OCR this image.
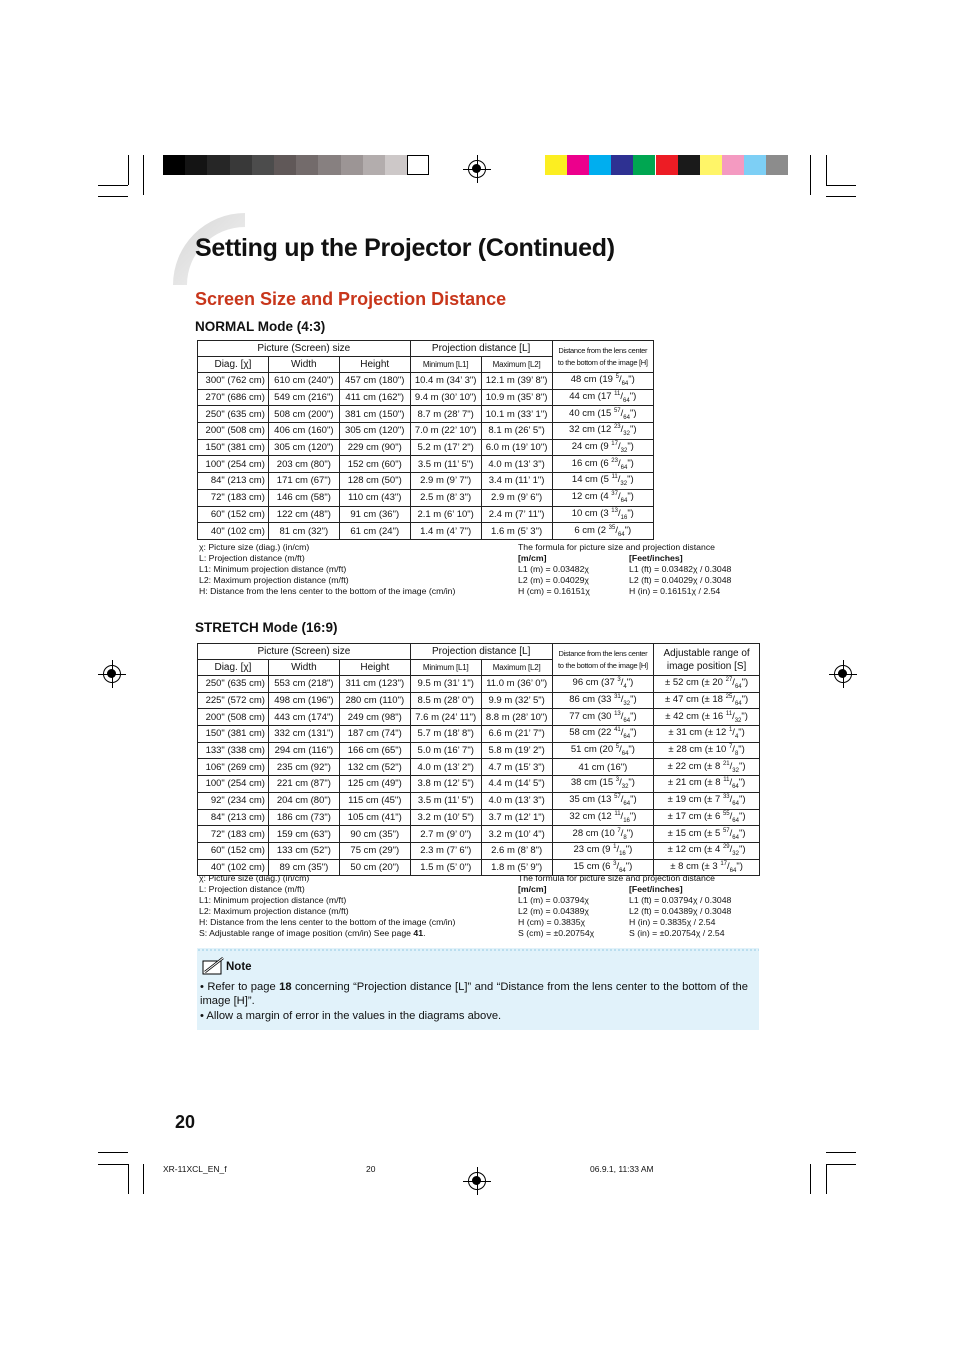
Setting up the Projector (Continued)
Screen Size and Projection Distance
NORMAL Mode (4:3)
Picture (Screen) size			Projection distance [L]		Distance from the lens center to the bottom of the image [H]
Diag. [χ]	Width	Height	Minimum [L1]	Maximum [L2]	
300" (762 cm)	610 cm (240")	457 cm (180")	10.4 m (34’ 3")	12.1 m (39’ 8")	48 cm (19 $^5/_{64}$")
270" (686 cm)	549 cm (216")	411 cm (162")	9.4 m (30’ 10")	10.9 m (35’ 8")	44 cm (17 $^{11}/_{64}$")
250" (635 cm)	508 cm (200")	381 cm (150")	8.7 m (28’ 7")	10.1 m (33’ 1")	40 cm (15 $^{57}/_{64}$")
200" (508 cm)	406 cm (160")	305 cm (120")	7.0 m (22’ 10")	8.1 m (26’ 5")	32 cm (12 $^{23}/_{32}$")
150" (381 cm)	305 cm (120")	229 cm (90")	5.2 m (17’ 2")	6.0 m (19’ 10")	24 cm (9 $^{17}/_{32}$")
100" (254 cm)	203 cm (80")	152 cm (60")	3.5 m (11’ 5")	4.0 m (13’ 3")	16 cm (6 $^{23}/_{64}$")
84" (213 cm)	171 cm (67")	128 cm (50")	2.9 m (9’ 7")	3.4 m (11’ 1")	14 cm (5 $^{11}/_{32}$")
72" (183 cm)	146 cm (58")	110 cm (43")	2.5 m (8’ 3")	2.9 m (9’ 6")	12 cm (4 $^{37}/_{64}$")
60" (152 cm)	122 cm (48")	91 cm (36")	2.1 m (6’ 10")	2.4 m (7’ 11")	10 cm (3 $^{13}/_{16}$")
40" (102 cm)	81 cm (32")	61 cm (24")	1.4 m (4’ 7")	1.6 m (5’ 3")	6 cm (2 $^{35}/_{64}$")
χ: Picture size (diag.) (in/cm)
L: Projection distance (m/ft)
L1: Minimum projection distance (m/ft)
L2: Maximum projection distance (m/ft)
H: Distance from the lens center to the bottom of the image (cm/in)
The formula for picture size and projection distance
[m/cm]
L1 (m) = 0.03482χ
L2 (m) = 0.04029χ
H (cm) = 0.16151χ
[Feet/inches]
L1 (ft) = 0.03482χ / 0.3048
L2 (ft) = 0.04029χ / 0.3048
H (in) = 0.16151χ / 2.54
STRETCH Mode (16:9)
Picture (Screen) size			Projection distance [L]		Distance from the lens center to the bottom of the image [H]	Adjustable range of image position [S]
Diag. [χ]	Width	Height	Minimum [L1]	Maximum [L2]		
250" (635 cm)	553 cm (218")	311 cm (123")	9.5 m (31’ 1")	11.0 m (36’ 0")	96 cm (37 $^3/_4$")	± 52 cm (± 20 $^{27}/_{64}$")
225" (572 cm)	498 cm (196")	280 cm (110")	8.5 m (28’ 0")	9.9 m (32’ 5")	86 cm (33 $^{31}/_{32}$")	± 47 cm (± 18 $^{25}/_{64}$")
200" (508 cm)	443 cm (174")	249 cm (98")	7.6 m (24’ 11")	8.8 m (28’ 10")	77 cm (30 $^{13}/_{64}$")	± 42 cm (± 16 $^{11}/_{32}$")
150" (381 cm)	332 cm (131")	187 cm (74")	5.7 m (18’ 8")	6.6 m (21’ 7")	58 cm (22 $^{41}/_{64}$")	± 31 cm (± 12 $^1/_4$")
133" (338 cm)	294 cm (116")	166 cm (65")	5.0 m (16’ 7")	5.8 m (19’ 2")	51 cm (20 $^5/_{64}$")	± 28 cm (± 10 $^7/_8$")
106" (269 cm)	235 cm (92")	132 cm (52")	4.0 m (13’ 2")	4.7 m (15’ 3")	41 cm (16")	± 22 cm (± 8 $^{21}/_{32}$")
100" (254 cm)	221 cm (87")	125 cm (49")	3.8 m (12’ 5")	4.4 m (14’ 5")	38 cm (15 $^3/_{32}$")	± 21 cm (± 8 $^{11}/_{64}$")
92" (234 cm)	204 cm (80")	115 cm (45")	3.5 m (11’ 5")	4.0 m (13’ 3")	35 cm (13 $^{57}/_{64}$")	± 19 cm (± 7 $^{33}/_{64}$")
84" (213 cm)	186 cm (73")	105 cm (41")	3.2 m (10’ 5")	3.7 m (12’ 1")	32 cm (12 $^{11}/_{16}$")	± 17 cm (± 6 $^{55}/_{64}$")
72" (183 cm)	159 cm (63")	90 cm (35")	2.7 m (9’ 0")	3.2 m (10’ 4")	28 cm (10 $^7/_8$")	± 15 cm (± 5 $^{57}/_{64}$")
60" (152 cm)	133 cm (52")	75 cm (29")	2.3 m (7’ 6")	2.6 m (8’ 8")	23 cm (9 $^1/_{16}$")	± 12 cm (± 4 $^{29}/_{32}$")
40" (102 cm)	89 cm (35")	50 cm (20")	1.5 m (5’ 0")	1.8 m (5’ 9")	15 cm (6 $^3/_{64}$")	± 8 cm (± 3 $^{17}/_{64}$")
χ: Picture size (diag.) (in/cm)
L: Projection distance (m/ft)
L1: Minimum projection distance (m/ft)
L2: Maximum projection distance (m/ft)
H: Distance from the lens center to the bottom of the image (cm/in)
S: Adjustable range of image position (cm/in) See page 41.
The formula for picture size and projection distance
[m/cm]
L1 (m) = 0.03794χ
L2 (m) = 0.04389χ
H (cm) = 0.3835χ
S (cm) = ±0.20754χ
[Feet/inches]
L1 (ft) = 0.03794χ / 0.3048
L2 (ft) = 0.04389χ / 0.3048
H (in) = 0.3835χ / 2.54
S (in) = ±0.20754χ / 2.54
Note
• Refer to page 18 concerning “Projection distance [L]” and “Distance from the lens center to the bottom of the image [H]”.
• Allow a margin of error in the values in the diagrams above.
20
XR-11XCL_EN_f	20	06.9.1, 11:33 AM
